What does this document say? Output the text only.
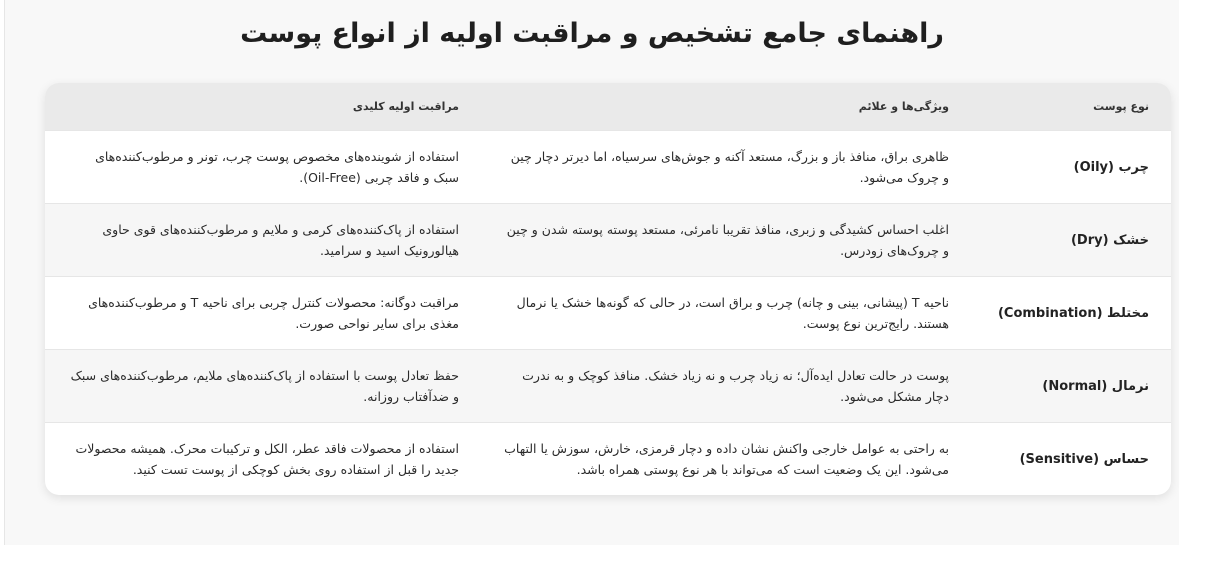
راهنمای جامع تشخیص و مراقبت اولیه از انواع پوست
نوع پوست	ویژگی‌ها و علائم	مراقبت اولیه کلیدی
چرب (Oily)	ظاهری براق، منافذ باز و بزرگ، مستعد آکنه و جوش‌های سرسیاه، اما دیرتر دچار چین و چروک می‌شود.	استفاده از شوینده‌های مخصوص پوست چرب، تونر و مرطوب‌کننده‌های سبک و فاقد چربی (Oil-Free).
خشک (Dry)	اغلب احساس کشیدگی و زبری، منافذ تقریبا نامرئی، مستعد پوسته پوسته شدن و چین و چروک‌های زودرس.	استفاده از پاک‌کننده‌های کرمی و ملایم و مرطوب‌کننده‌های قوی حاوی هیالورونیک اسید و سرامید.
مختلط (Combination)	ناحیه T (پیشانی، بینی و چانه) چرب و براق است، در حالی که گونه‌ها خشک یا نرمال هستند. رایج‌ترین نوع پوست.	مراقبت دوگانه: محصولات کنترل چربی برای ناحیه T و مرطوب‌کننده‌های مغذی برای سایر نواحی صورت.
نرمال (Normal)	پوست در حالت تعادل ایده‌آل؛ نه زیاد چرب و نه زیاد خشک. منافذ کوچک و به ندرت دچار مشکل می‌شود.	حفظ تعادل پوست با استفاده از پاک‌کننده‌های ملایم، مرطوب‌کننده‌های سبک و ضدآفتاب روزانه.
حساس (Sensitive)	به راحتی به عوامل خارجی واکنش نشان داده و دچار قرمزی، خارش، سوزش یا التهاب می‌شود. این یک وضعیت است که می‌تواند با هر نوع پوستی همراه باشد.	استفاده از محصولات فاقد عطر، الکل و ترکیبات محرک. همیشه محصولات جدید را قبل از استفاده روی بخش کوچکی از پوست تست کنید.
